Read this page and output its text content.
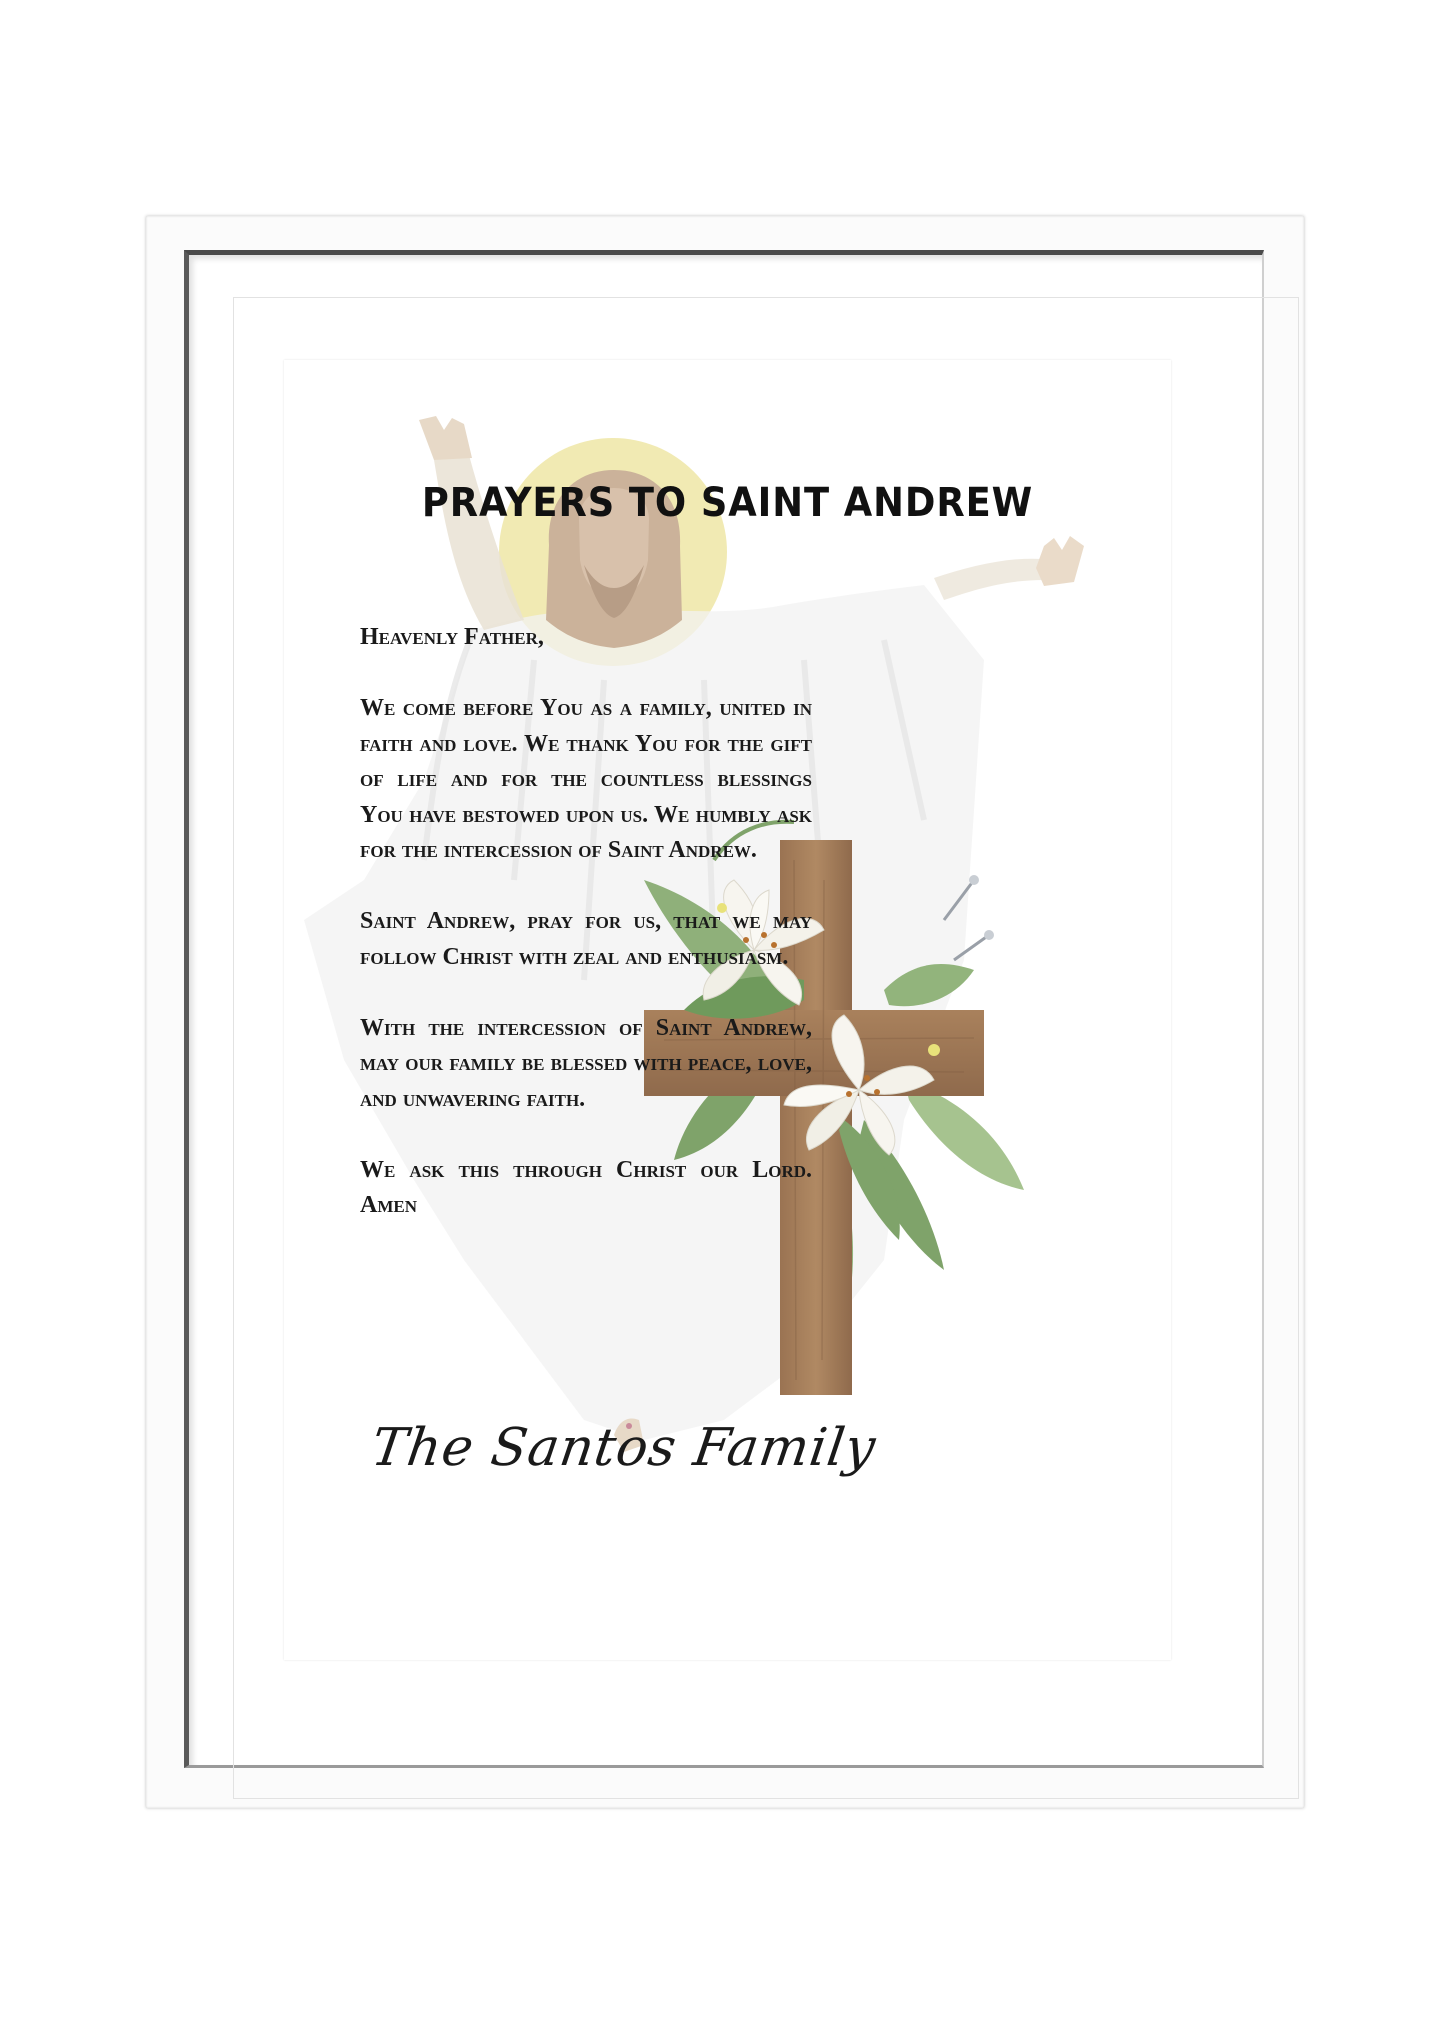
PRAYERS TO SAINT ANDREW

Heavenly Father,

We come before You as a family, united in faith and love. We thank You for the gift of life and for the countless blessings You have bestowed upon us. We humbly ask for the intercession of Saint Andrew.

Saint Andrew, pray for us, that we may follow Christ with zeal and enthusiasm.

With the intercession of Saint Andrew, may our family be blessed with peace, love, and unwavering faith.

We ask this through Christ our Lord. Amen

The Santos Family
